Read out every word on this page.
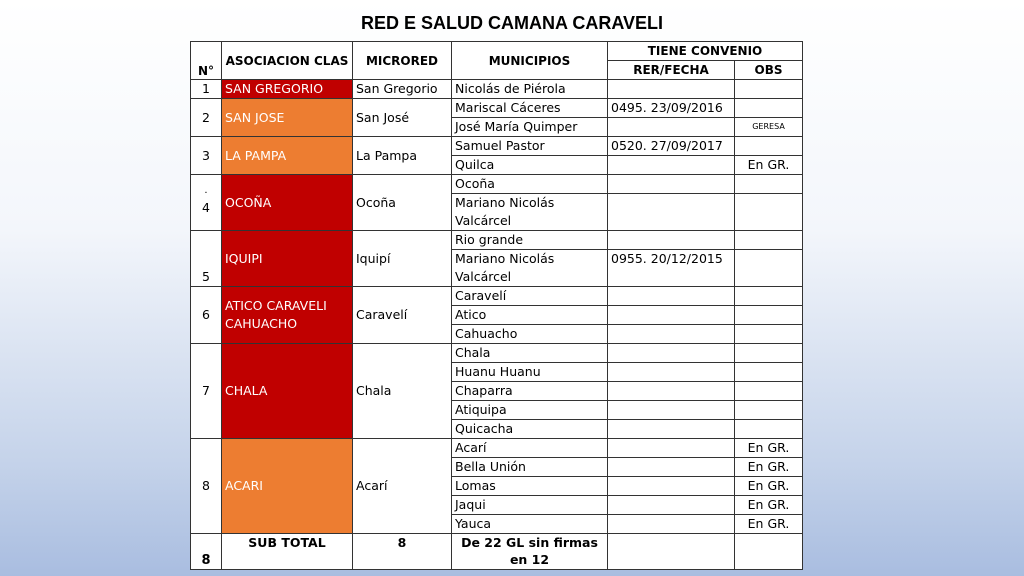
RED E SALUD CAMANA CARAVELI
N°	ASOCIACION CLAS	MICRORED	MUNICIPIOS	TIENE CONVENIO	
				RER/FECHA	OBS
1	SAN GREGORIO	San Gregorio	Nicolás de Piérola		
2	SAN JOSE	San José	Mariscal Cáceres	0495. 23/09/2016	
			José María Quimper		GERESA
3	LA PAMPA	La Pampa	Samuel Pastor	0520. 27/09/2017	
			Quilca		En GR.

·
4	OCOÑA	Ocoña	Ocoña		
			Mariano Nicolás Valcárcel		
5	IQUIPI	Iquipí	Rio grande		
			Mariano Nicolás Valcárcel	0955. 20/12/2015	
6	ATICO CARAVELI CAHUACHO	Caravelí	Caravelí		
			Atico		
			Cahuacho		
7	CHALA	Chala	Chala		
			Huanu Huanu		
			Chaparra		
			Atiquipa		
			Quicacha		
8	ACARI	Acarí	Acarí		En GR.
			Bella Unión		En GR.
			Lomas		En GR.
			Jaqui		En GR.
			Yauca		En GR.
8	SUB TOTAL	8	De 22 GL sin firmas en 12		
